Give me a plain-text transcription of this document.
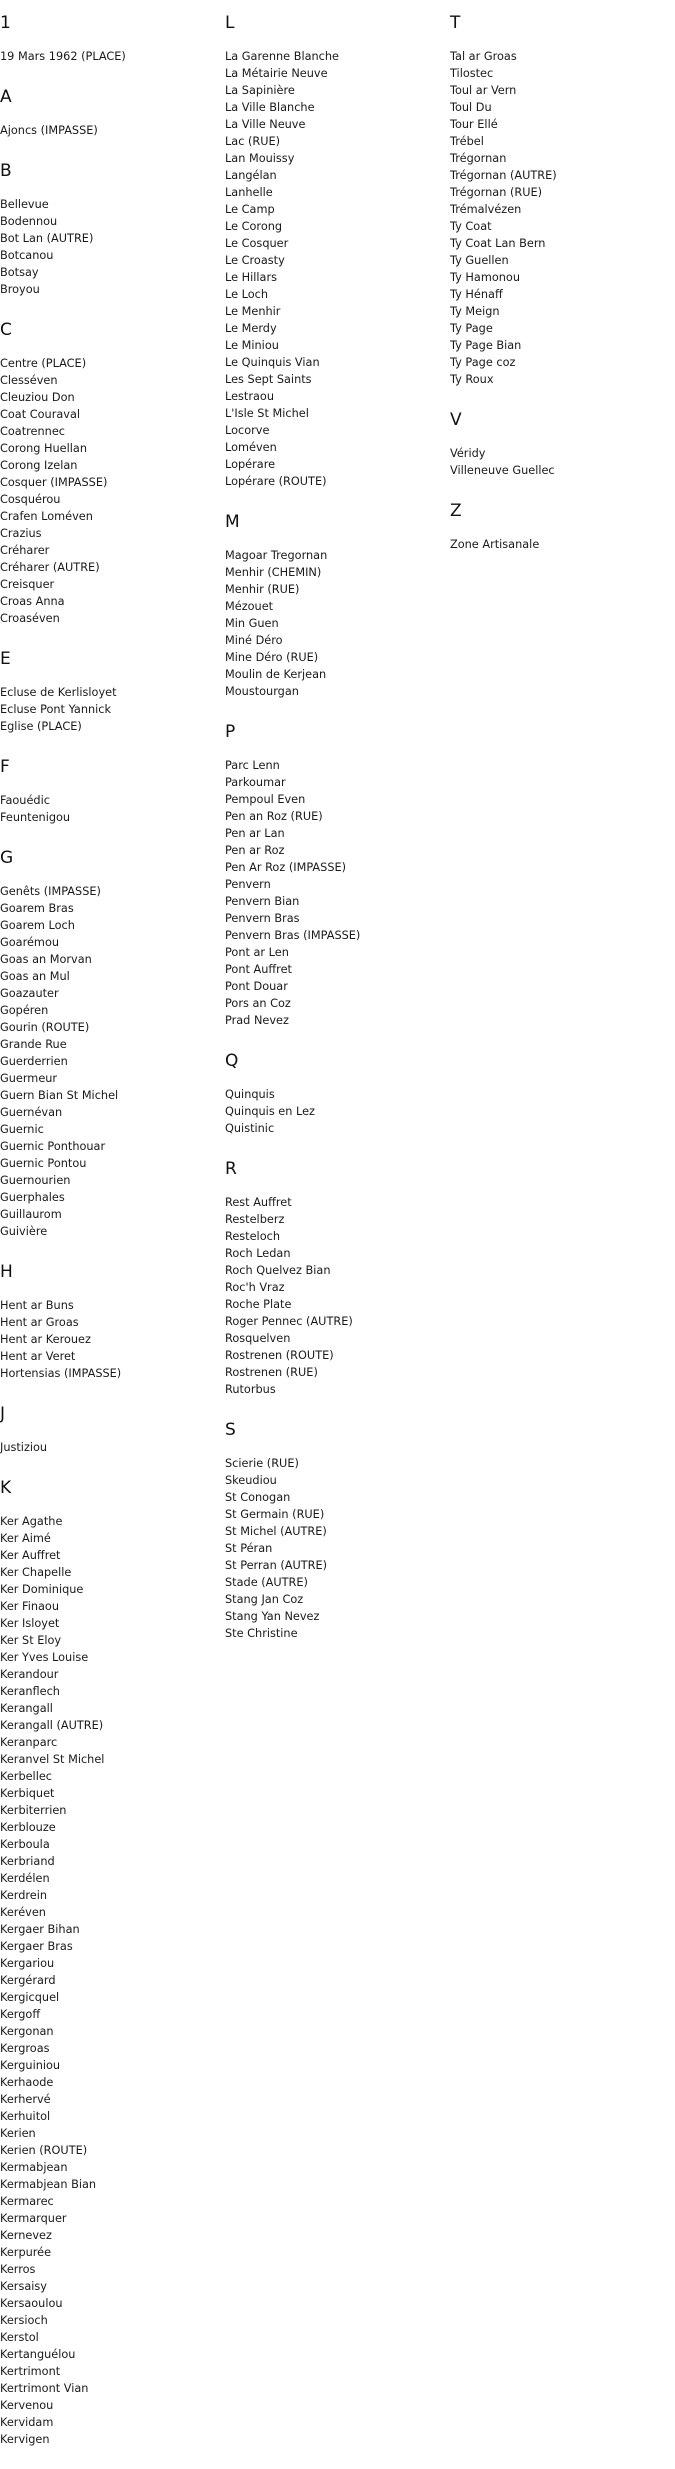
1
19 Mars 1962 (PLACE)
A
Ajoncs (IMPASSE)
B
Bellevue
Bodennou
Bot Lan (AUTRE)
Botcanou
Botsay
Broyou
C
Centre (PLACE)
Clesséven
Cleuziou Don
Coat Couraval
Coatrennec
Corong Huellan
Corong Izelan
Cosquer (IMPASSE)
Cosquérou
Crafen Loméven
Crazius
Créharer
Créharer (AUTRE)
Creisquer
Croas Anna
Croaséven
E
Ecluse de Kerlisloyet
Ecluse Pont Yannick
Eglise (PLACE)
F
Faouédic
Feuntenigou
G
Genêts (IMPASSE)
Goarem Bras
Goarem Loch
Goarémou
Goas an Morvan
Goas an Mul
Goazauter
Gopéren
Gourin (ROUTE)
Grande Rue
Guerderrien
Guermeur
Guern Bian St Michel
Guernévan
Guernic
Guernic Ponthouar
Guernic Pontou
Guernourien
Guerphales
Guillaurom
Guivière
H
Hent ar Buns
Hent ar Groas
Hent ar Kerouez
Hent ar Veret
Hortensias (IMPASSE)
J
Justiziou
K
Ker Agathe
Ker Aimé
Ker Auffret
Ker Chapelle
Ker Dominique
Ker Finaou
Ker Isloyet
Ker St Eloy
Ker Yves Louise
Kerandour
Keranflech
Kerangall
Kerangall (AUTRE)
Keranparc
Keranvel St Michel
Kerbellec
Kerbiquet
Kerbiterrien
Kerblouze
Kerboula
Kerbriand
Kerdélen
Kerdrein
Keréven
Kergaer Bihan
Kergaer Bras
Kergariou
Kergérard
Kergicquel
Kergoff
Kergonan
Kergroas
Kerguiniou
Kerhaode
Kerhervé
Kerhuitol
Kerien
Kerien (ROUTE)
Kermabjean
Kermabjean Bian
Kermarec
Kermarquer
Kernevez
Kerpurée
Kerros
Kersaisy
Kersaoulou
Kersioch
Kerstol
Kertanguélou
Kertrimont
Kertrimont Vian
Kervenou
Kervidam
Kervigen
L
La Garenne Blanche
La Métairie Neuve
La Sapinière
La Ville Blanche
La Ville Neuve
Lac (RUE)
Lan Mouissy
Langélan
Lanhelle
Le Camp
Le Corong
Le Cosquer
Le Croasty
Le Hillars
Le Loch
Le Menhir
Le Merdy
Le Miniou
Le Quinquis Vian
Les Sept Saints
Lestraou
L'Isle St Michel
Locorve
Loméven
Lopérare
Lopérare (ROUTE)
M
Magoar Tregornan
Menhir (CHEMIN)
Menhir (RUE)
Mézouet
Min Guen
Miné Déro
Mine Déro (RUE)
Moulin de Kerjean
Moustourgan
P
Parc Lenn
Parkoumar
Pempoul Even
Pen an Roz (RUE)
Pen ar Lan
Pen ar Roz
Pen Ar Roz (IMPASSE)
Penvern
Penvern Bian
Penvern Bras
Penvern Bras (IMPASSE)
Pont ar Len
Pont Auffret
Pont Douar
Pors an Coz
Prad Nevez
Q
Quinquis
Quinquis en Lez
Quistinic
R
Rest Auffret
Restelberz
Resteloch
Roch Ledan
Roch Quelvez Bian
Roc'h Vraz
Roche Plate
Roger Pennec (AUTRE)
Rosquelven
Rostrenen (ROUTE)
Rostrenen (RUE)
Rutorbus
S
Scierie (RUE)
Skeudiou
St Conogan
St Germain (RUE)
St Michel (AUTRE)
St Péran
St Perran (AUTRE)
Stade (AUTRE)
Stang Jan Coz
Stang Yan Nevez
Ste Christine
T
Tal ar Groas
Tilostec
Toul ar Vern
Toul Du
Tour Ellé
Trébel
Trégornan
Trégornan (AUTRE)
Trégornan (RUE)
Trémalvézen
Ty Coat
Ty Coat Lan Bern
Ty Guellen
Ty Hamonou
Ty Hénaff
Ty Meign
Ty Page
Ty Page Bian
Ty Page coz
Ty Roux
V
Véridy
Villeneuve Guellec
Z
Zone Artisanale
